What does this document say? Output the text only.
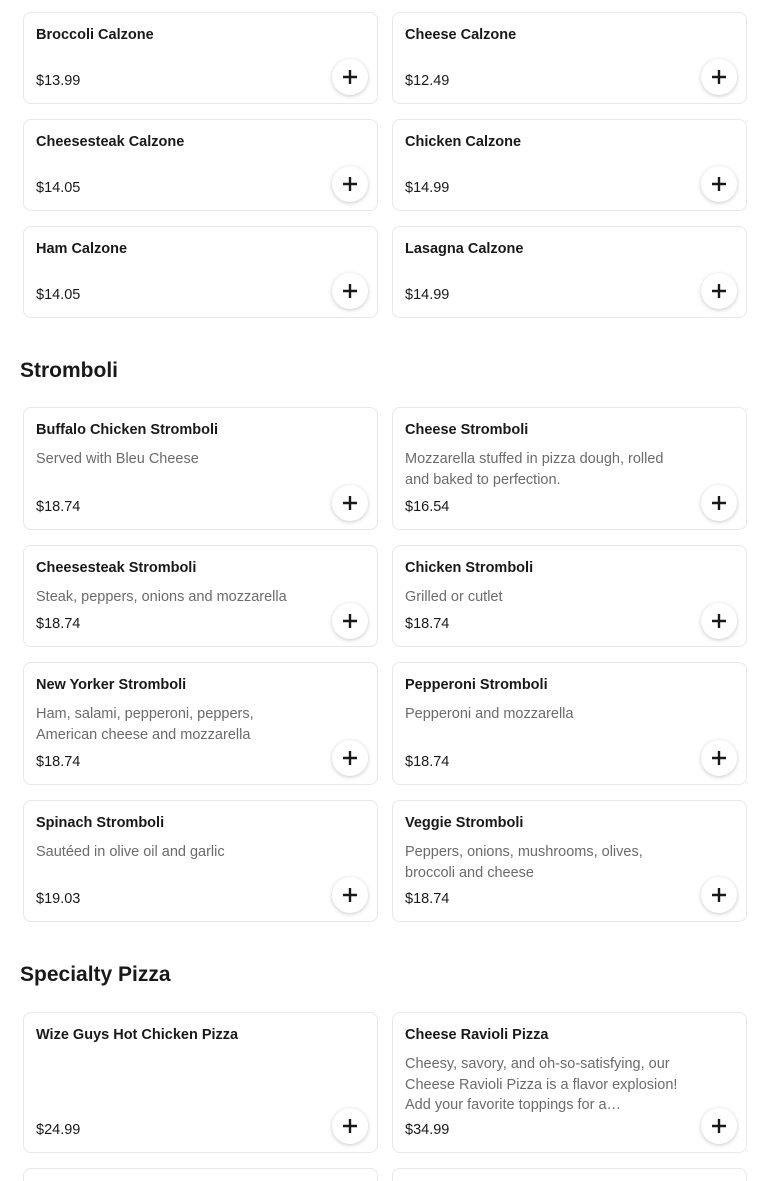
Broccoli Calzone
$13.99
Cheese Calzone
$12.49
Cheesesteak Calzone
$14.05
Chicken Calzone
$14.99
Ham Calzone
$14.05
Lasagna Calzone
$14.99
Stromboli
Buffalo Chicken Stromboli
Served with Bleu Cheese
$18.74
Cheese Stromboli
Mozzarella stuffed in pizza dough, rolled and baked to perfection.
$16.54
Cheesesteak Stromboli
Steak, peppers, onions and mozzarella
$18.74
Chicken Stromboli
Grilled or cutlet
$18.74
New Yorker Stromboli
Ham, salami, pepperoni, peppers, American cheese and mozzarella
$18.74
Pepperoni Stromboli
Pepperoni and mozzarella
$18.74
Spinach Stromboli
Sautéed in olive oil and garlic
$19.03
Veggie Stromboli
Peppers, onions, mushrooms, olives, broccoli and cheese
$18.74
Specialty Pizza
Wize Guys Hot Chicken Pizza
$24.99
Cheese Ravioli Pizza
Cheesy, savory, and oh-so-satisfying, our Cheese Ravioli Pizza is a flavor explosion! Add your favorite toppings for a…
$34.99
